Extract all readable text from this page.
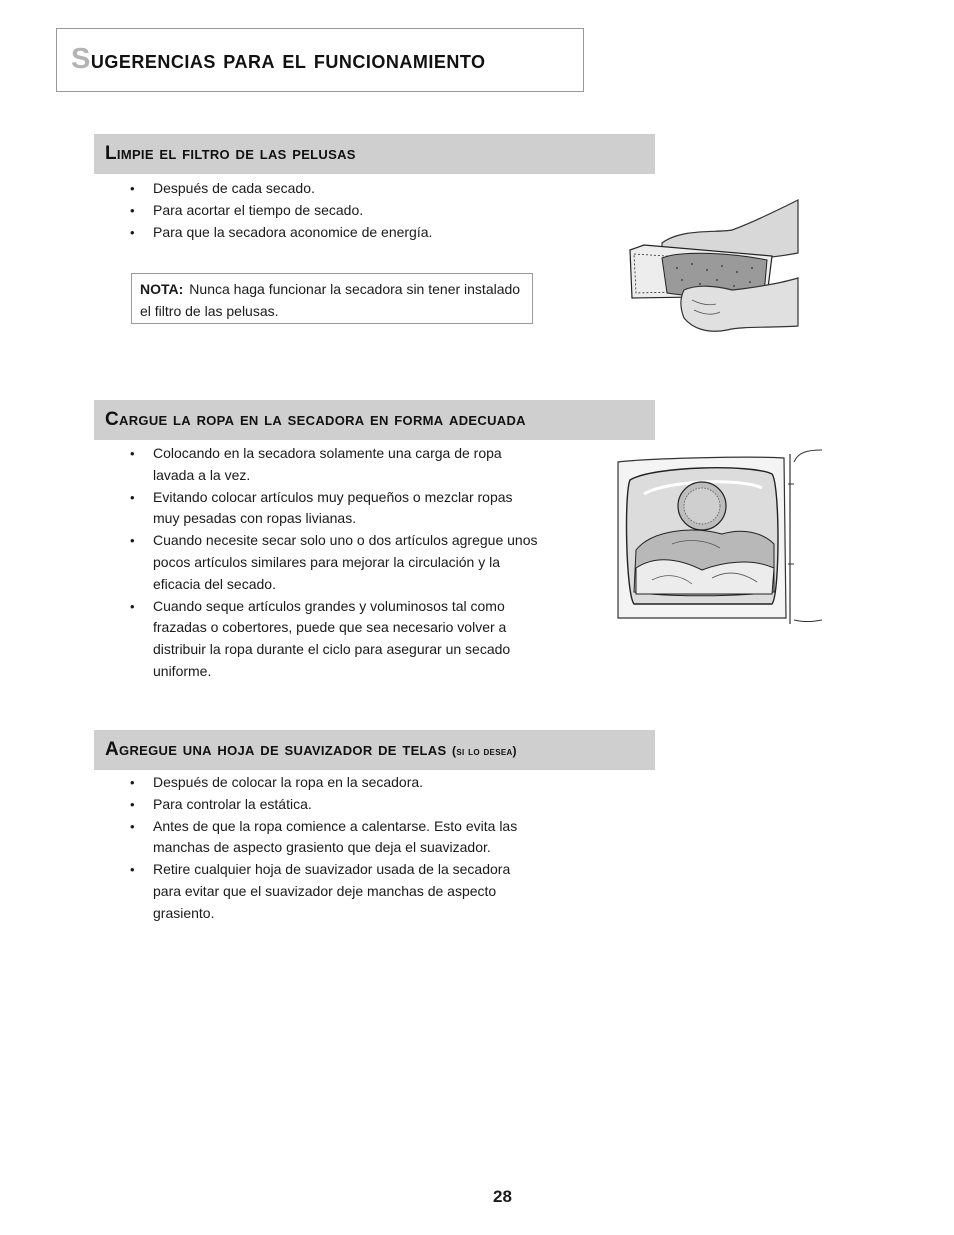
Sugerencias para el funcionamiento
Limpie el filtro de las pelusas
• Después de cada secado.
• Para acortar el tiempo de secado.
• Para que la secadora aconomice de energía.
NOTA: Nunca haga funcionar la secadora sin tener instalado el filtro de las pelusas.
Cargue la ropa en la secadora en forma adecuada
• Colocando en la secadora solamente una carga de ropa lavada a la vez.
• Evitando colocar artículos muy pequeños o mezclar ropas muy pesadas con ropas livianas.
• Cuando necesite secar solo uno o dos artículos agregue unos pocos artículos similares para mejorar la circulación y la eficacia del secado.
• Cuando seque artículos grandes y voluminosos tal como frazadas o cobertores, puede que sea necesario volver a distribuir la ropa durante el ciclo para asegurar un secado uniforme.
Agregue una hoja de suavizador de telas (si lo desea)
• Después de colocar la ropa en la secadora.
• Para controlar la estática.
• Antes de que la ropa comience a calentarse. Esto evita las manchas de aspecto grasiento que deja el suavizador.
• Retire cualquier hoja de suavizador usada de la secadora para evitar que el suavizador deje manchas de aspecto grasiento.
28
